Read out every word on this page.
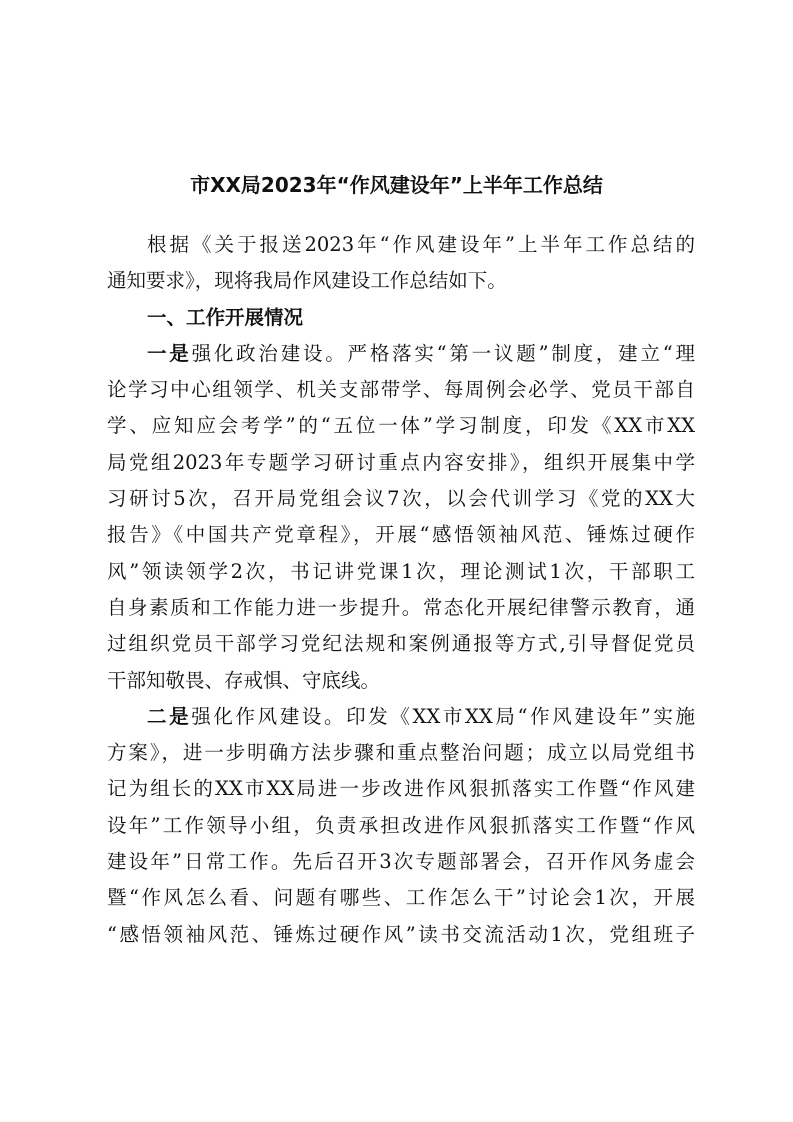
市XX局2023年“作风建设年”上半年工作总结
根据《关于报送2023年“作风建设年”上半年工作总结的
通知要求》，现将我局作风建设工作总结如下。
一、工作开展情况
一是强化政治建设。严格落实“第一议题”制度，建立“理
论学习中心组领学、机关支部带学、每周例会必学、党员干部自
学、应知应会考学”的“五位一体”学习制度，印发《XX市XX
局党组2023年专题学习研讨重点内容安排》，组织开展集中学
习研讨5次，召开局党组会议7次，以会代训学习《党的XX大
报告》《中国共产党章程》，开展“感悟领袖风范、锤炼过硬作
风”领读领学2次，书记讲党课1次，理论测试1次，干部职工
自身素质和工作能力进一步提升。常态化开展纪律警示教育，通
过组织党员干部学习党纪法规和案例通报等方式,引导督促党员
干部知敬畏、存戒惧、守底线。
二是强化作风建设。印发《XX市XX局“作风建设年”实施
方案》，进一步明确方法步骤和重点整治问题；成立以局党组书
记为组长的XX市XX局进一步改进作风狠抓落实工作暨“作风建
设年”工作领导小组，负责承担改进作风狠抓落实工作暨“作风
建设年”日常工作。先后召开3次专题部署会，召开作风务虚会
暨“作风怎么看、问题有哪些、工作怎么干”讨论会1次，开展
“感悟领袖风范、锤炼过硬作风”读书交流活动1次，党组班子
